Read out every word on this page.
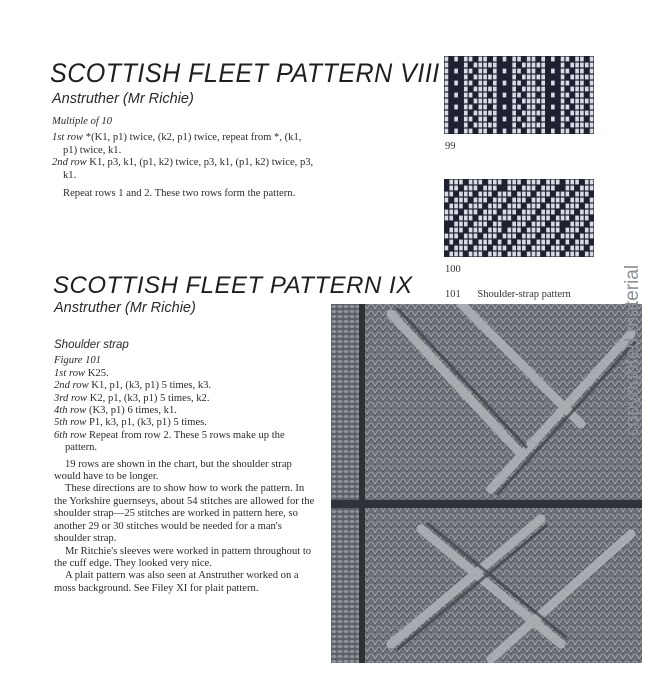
SCOTTISH FLEET PATTERN VIII
Anstruther (Mr Richie)

Multiple of 10

1st row *(K1, p1) twice, (k2, p1) twice, repeat from *, (k1, p1) twice, k1.

2nd row K1, p3, k1, (p1, k2) twice, p3, k1, (p1, k2) twice, p3, k1.

Repeat rows 1 and 2. These two rows form the pattern.

99
100
101 Shoulder-strap pattern
SCOTTISH FLEET PATTERN IX
Anstruther (Mr Richie)

Shoulder strap

Figure 101

1st row K25.

2nd row K1, p1, (k3, p1) 5 times, k3.

3rd row K2, p1, (k3, p1) 5 times, k2.

4th row (K3, p1) 6 times, k1.

5th row P1, k3, p1, (k3, p1) 5 times.

6th row Repeat from row 2. These 5 rows make up the pattern.

19 rows are shown in the chart, but the shoulder strap would have to be longer.

These directions are to show how to work the pattern. In the Yorkshire guernseys, about 54 stitches are allowed for the shoulder strap—25 stitches are worked in pattern here, so another 29 or 30 stitches would be needed for a man's shoulder strap.

Mr Ritchie's sleeves were worked in pattern throughout to the cuff edge. They looked very nice.

A plait pattern was also seen at Anstruther worked on a moss background. See Filey XI for plait pattern.

copyrighted material
